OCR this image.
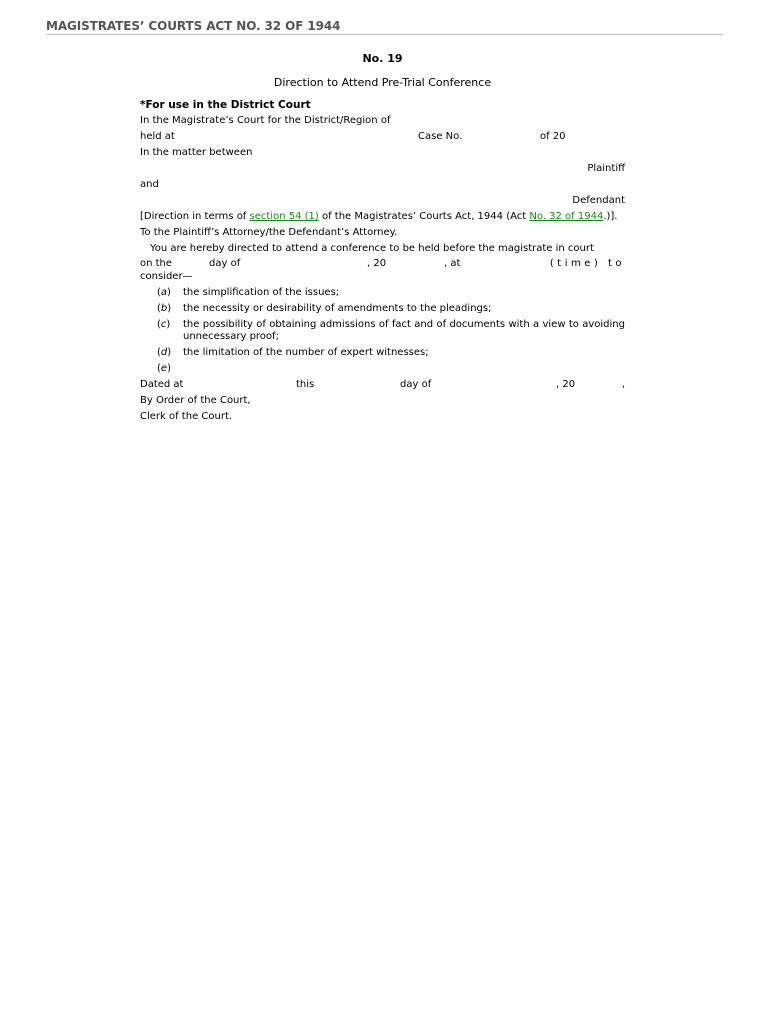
MAGISTRATES’ COURTS ACT NO. 32 OF 1944
No. 19
Direction to Attend Pre-Trial Conference
*For use in the District Court

In the Magistrate’s Court for the District/Region of

held at	Case No.	of 20

In the matter between

Plaintiff

and

Defendant

[Direction in terms of section 54 (1) of the Magistrates’ Courts Act, 1944 (Act No. 32 of 1944.)].

To the Plaintiff’s Attorney/the Defendant’s Attorney.

You are hereby directed to attend a conference to be held before the magistrate in court

on the	day of	, 20	, at	(time) to
consider—
(a) the simplification of the issues;
(b) the necessity or desirability of amendments to the pleadings;
(c) the possibility of obtaining admissions of fact and of documents with a view to avoiding unnecessary proof;
(d) the limitation of the number of expert witnesses;
(e)
Dated at	this	day of	, 20	,

By Order of the Court,

Clerk of the Court.
